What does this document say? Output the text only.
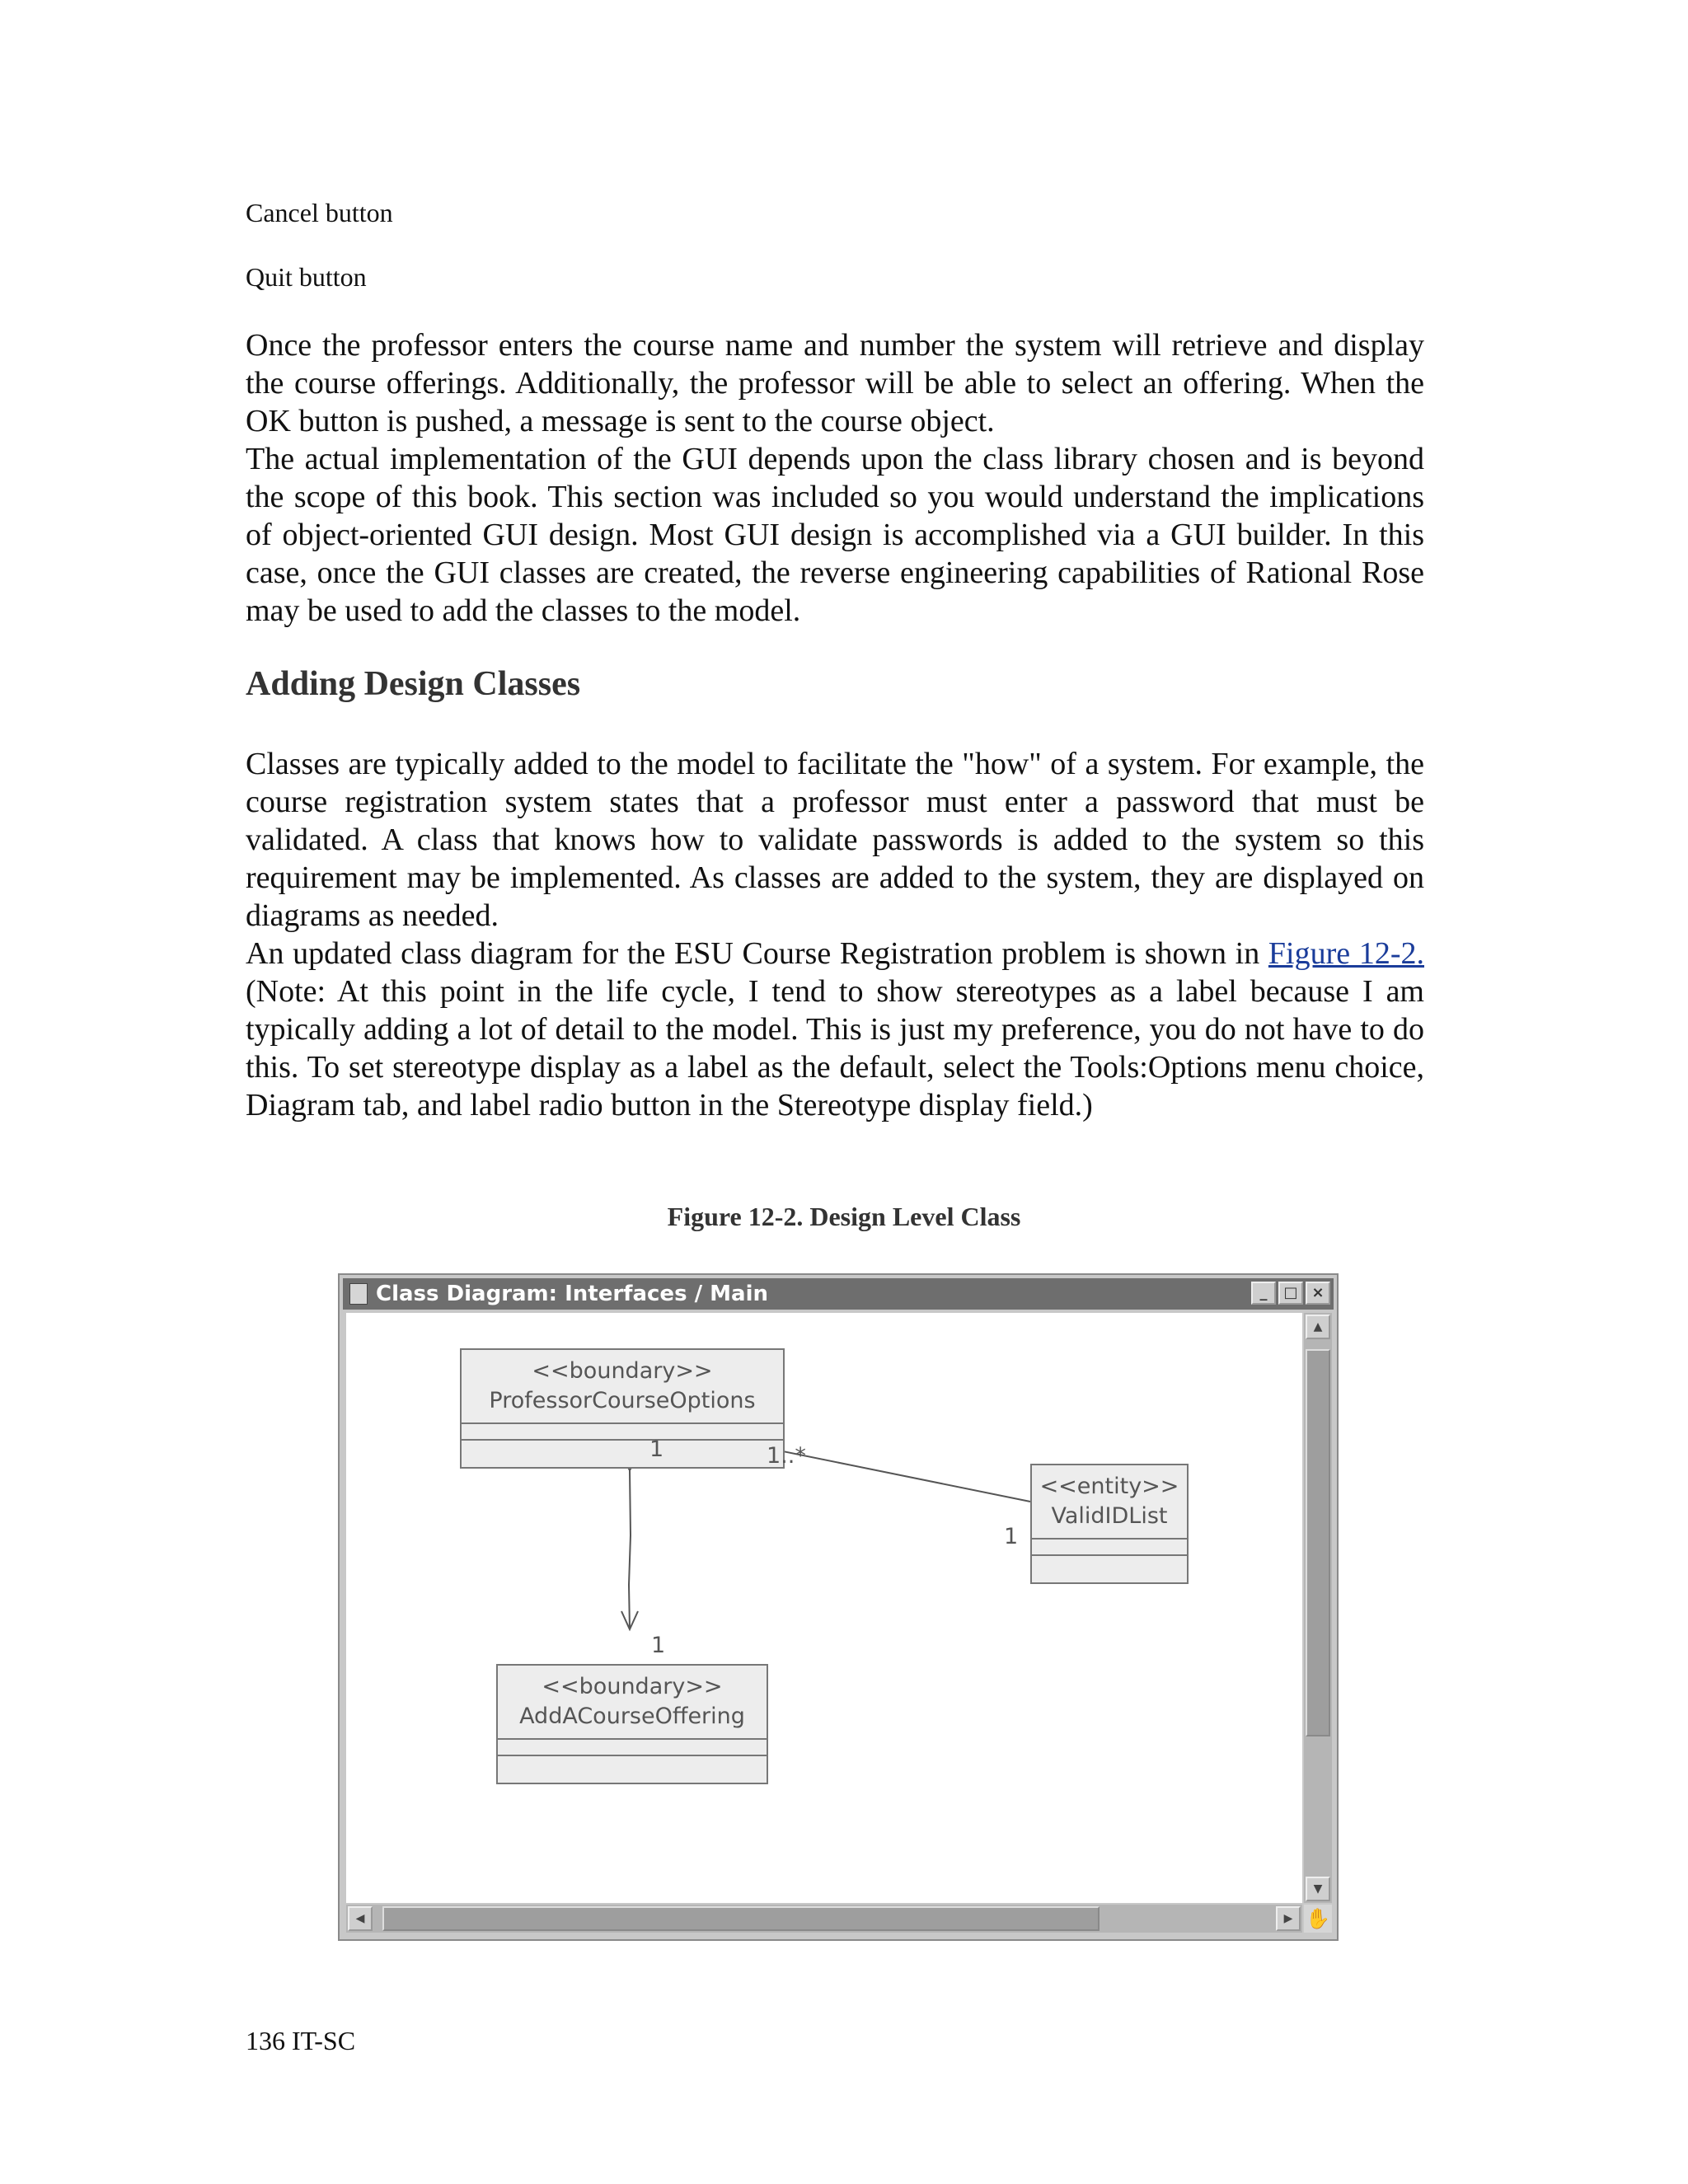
Cancel button
Quit button

Once the professor enters the course name and number the system will retrieve and display the course offerings. Additionally, the professor will be able to select an offering. When the OK button is pushed, a message is sent to the course object.

The actual implementation of the GUI depends upon the class library chosen and is beyond the scope of this book. This section was included so you would understand the implications of object-oriented GUI design. Most GUI design is accomplished via a GUI builder. In this case, once the GUI classes are created, the reverse engineering capabilities of Rational Rose may be used to add the classes to the model.

Adding Design Classes

Classes are typically added to the model to facilitate the "how" of a system. For example, the course registration system states that a professor must enter a password that must be validated. A class that knows how to validate passwords is added to the system so this requirement may be implemented. As classes are added to the system, they are displayed on diagrams as needed.

An updated class diagram for the ESU Course Registration problem is shown in Figure 12-2. (Note: At this point in the life cycle, I tend to show stereotypes as a label because I am typically adding a lot of detail to the model. This is just my preference, you do not have to do this. To set stereotype display as a label as the default, select the Tools:Options menu choice, Diagram tab, and label radio button in the Stereotype display field.)

Figure 12-2. Design Level Class
Class Diagram: Interfaces / Main	_	□ ×
<<boundary>>
ProfessorCourseOptions
<<entity>>
ValidIDList
<<boundary>>
AddACourseOffering
1
1
1..*
1
▲
▼
◀	▶ ✋
136 IT-SC
